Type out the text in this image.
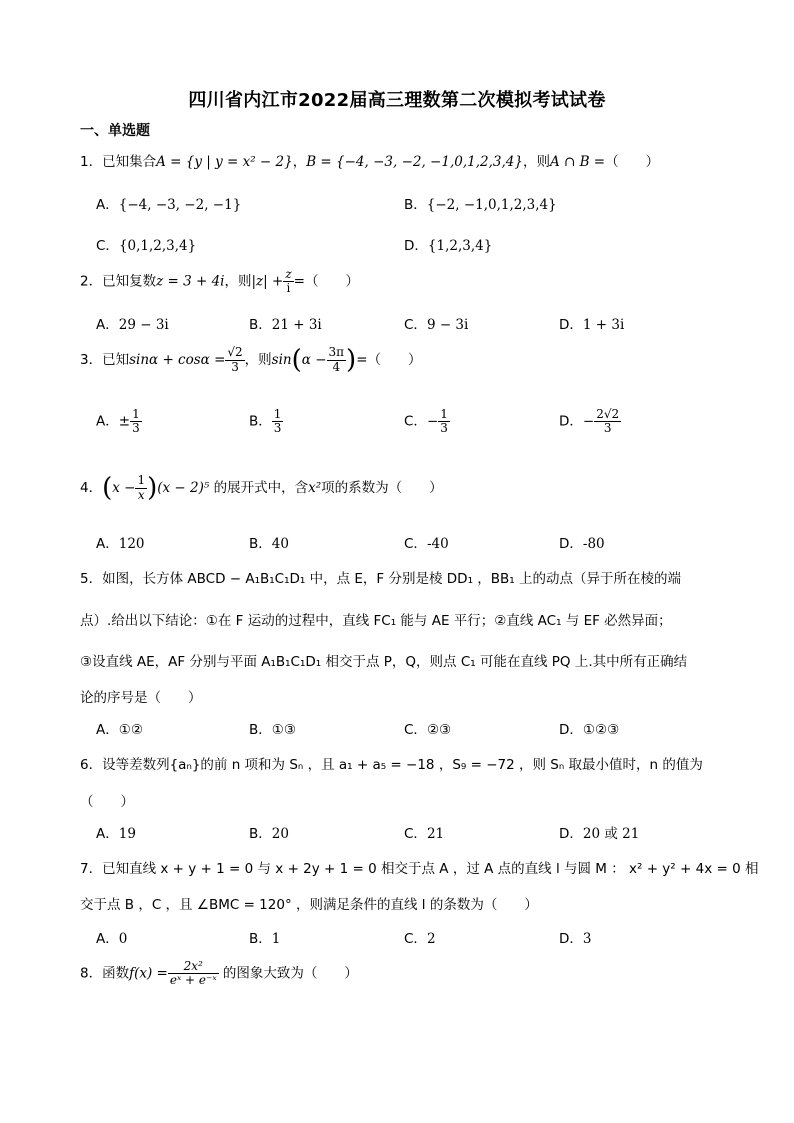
四川省内江市2022届高三理数第二次模拟考试试卷
一、单选题
1．已知集合A = {y | y = x² − 2}，B = {−4, −3, −2, −1,0,1,2,3,4}，则A ∩ B =（　　）
A．{−4, −3, −2, −1}	B．{−2, −1,0,1,2,3,4}
C．{0,1,2,3,4}	D．{1,2,3,4}
2．已知复数z = 3 + 4i，则$|z| + \frac{z}{i}$ =（　　）
A．29 − 3i	B．21 + 3i	C．9 − 3i	D．1 + 3i
3．已知$\sin\alpha + \cos\alpha = \frac{√2}{3}$ ，则$\sin(\alpha - \frac{3\pi}{4}$ )=（　　）
A．± $\frac{1}{3}$	B． $\frac{1}{3}$	C．− $\frac{1}{3}$	D．− $\frac{2√2}{3}$
4．$(x - \frac{1}{x} )(x - 2)^5$ 的展开式中，含x²项的系数为（　　）
A．120	B．40	C．-40	D．-80
5．如图，长方体 ABCD − A₁B₁C₁D₁ 中，点 E，F 分别是棱 DD₁ ，BB₁ 上的动点（异于所在棱的端
点）.给出以下结论：①在 F 运动的过程中，直线 FC₁ 能与 AE 平行；②直线 AC₁ 与 EF 必然异面；
③设直线 AE，AF 分别与平面 A₁B₁C₁D₁ 相交于点 P，Q，则点 C₁ 可能在直线 PQ 上.其中所有正确结
论的序号是（　　）
A．①②	B．①③	C．②③	D．①②③
6．设等差数列{aₙ}的前 n 项和为 Sₙ ，且 a₁ + a₅ = −18 ，S₉ = −72 ，则 Sₙ 取最小值时，n 的值为
（　　）
A．19	B．20	C．21	D．20 或 21
7．已知直线 x + y + 1 = 0 与 x + 2y + 1 = 0 相交于点 A ，过 A 点的直线 l 与圆 M ： x² + y² + 4x = 0 相
交于点 B ，C ，且 ∠BMC = 120° ，则满足条件的直线 l 的条数为（　　）
A．0	B．1	C．2	D．3
8．函数$f(x) = \frac{\text{2x²}}{\text{eˣ + e⁻ˣ}}$ 的图象大致为（　　）
